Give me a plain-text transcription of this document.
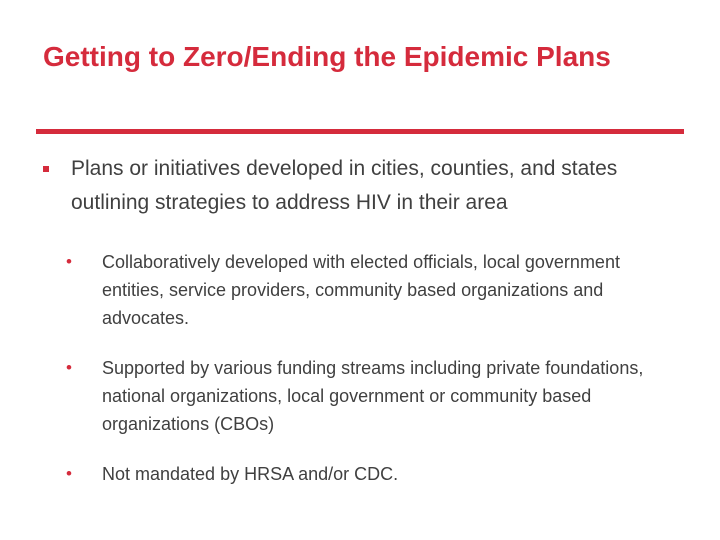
Getting to Zero/Ending the Epidemic Plans
Plans or initiatives developed in cities, counties, and states outlining strategies to address HIV in their area
• Collaboratively developed with elected officials, local government entities, service providers, community based organizations and advocates.
• Supported by various funding streams including private foundations, national organizations, local government or community based organizations (CBOs)
• Not mandated by HRSA and/or CDC.
